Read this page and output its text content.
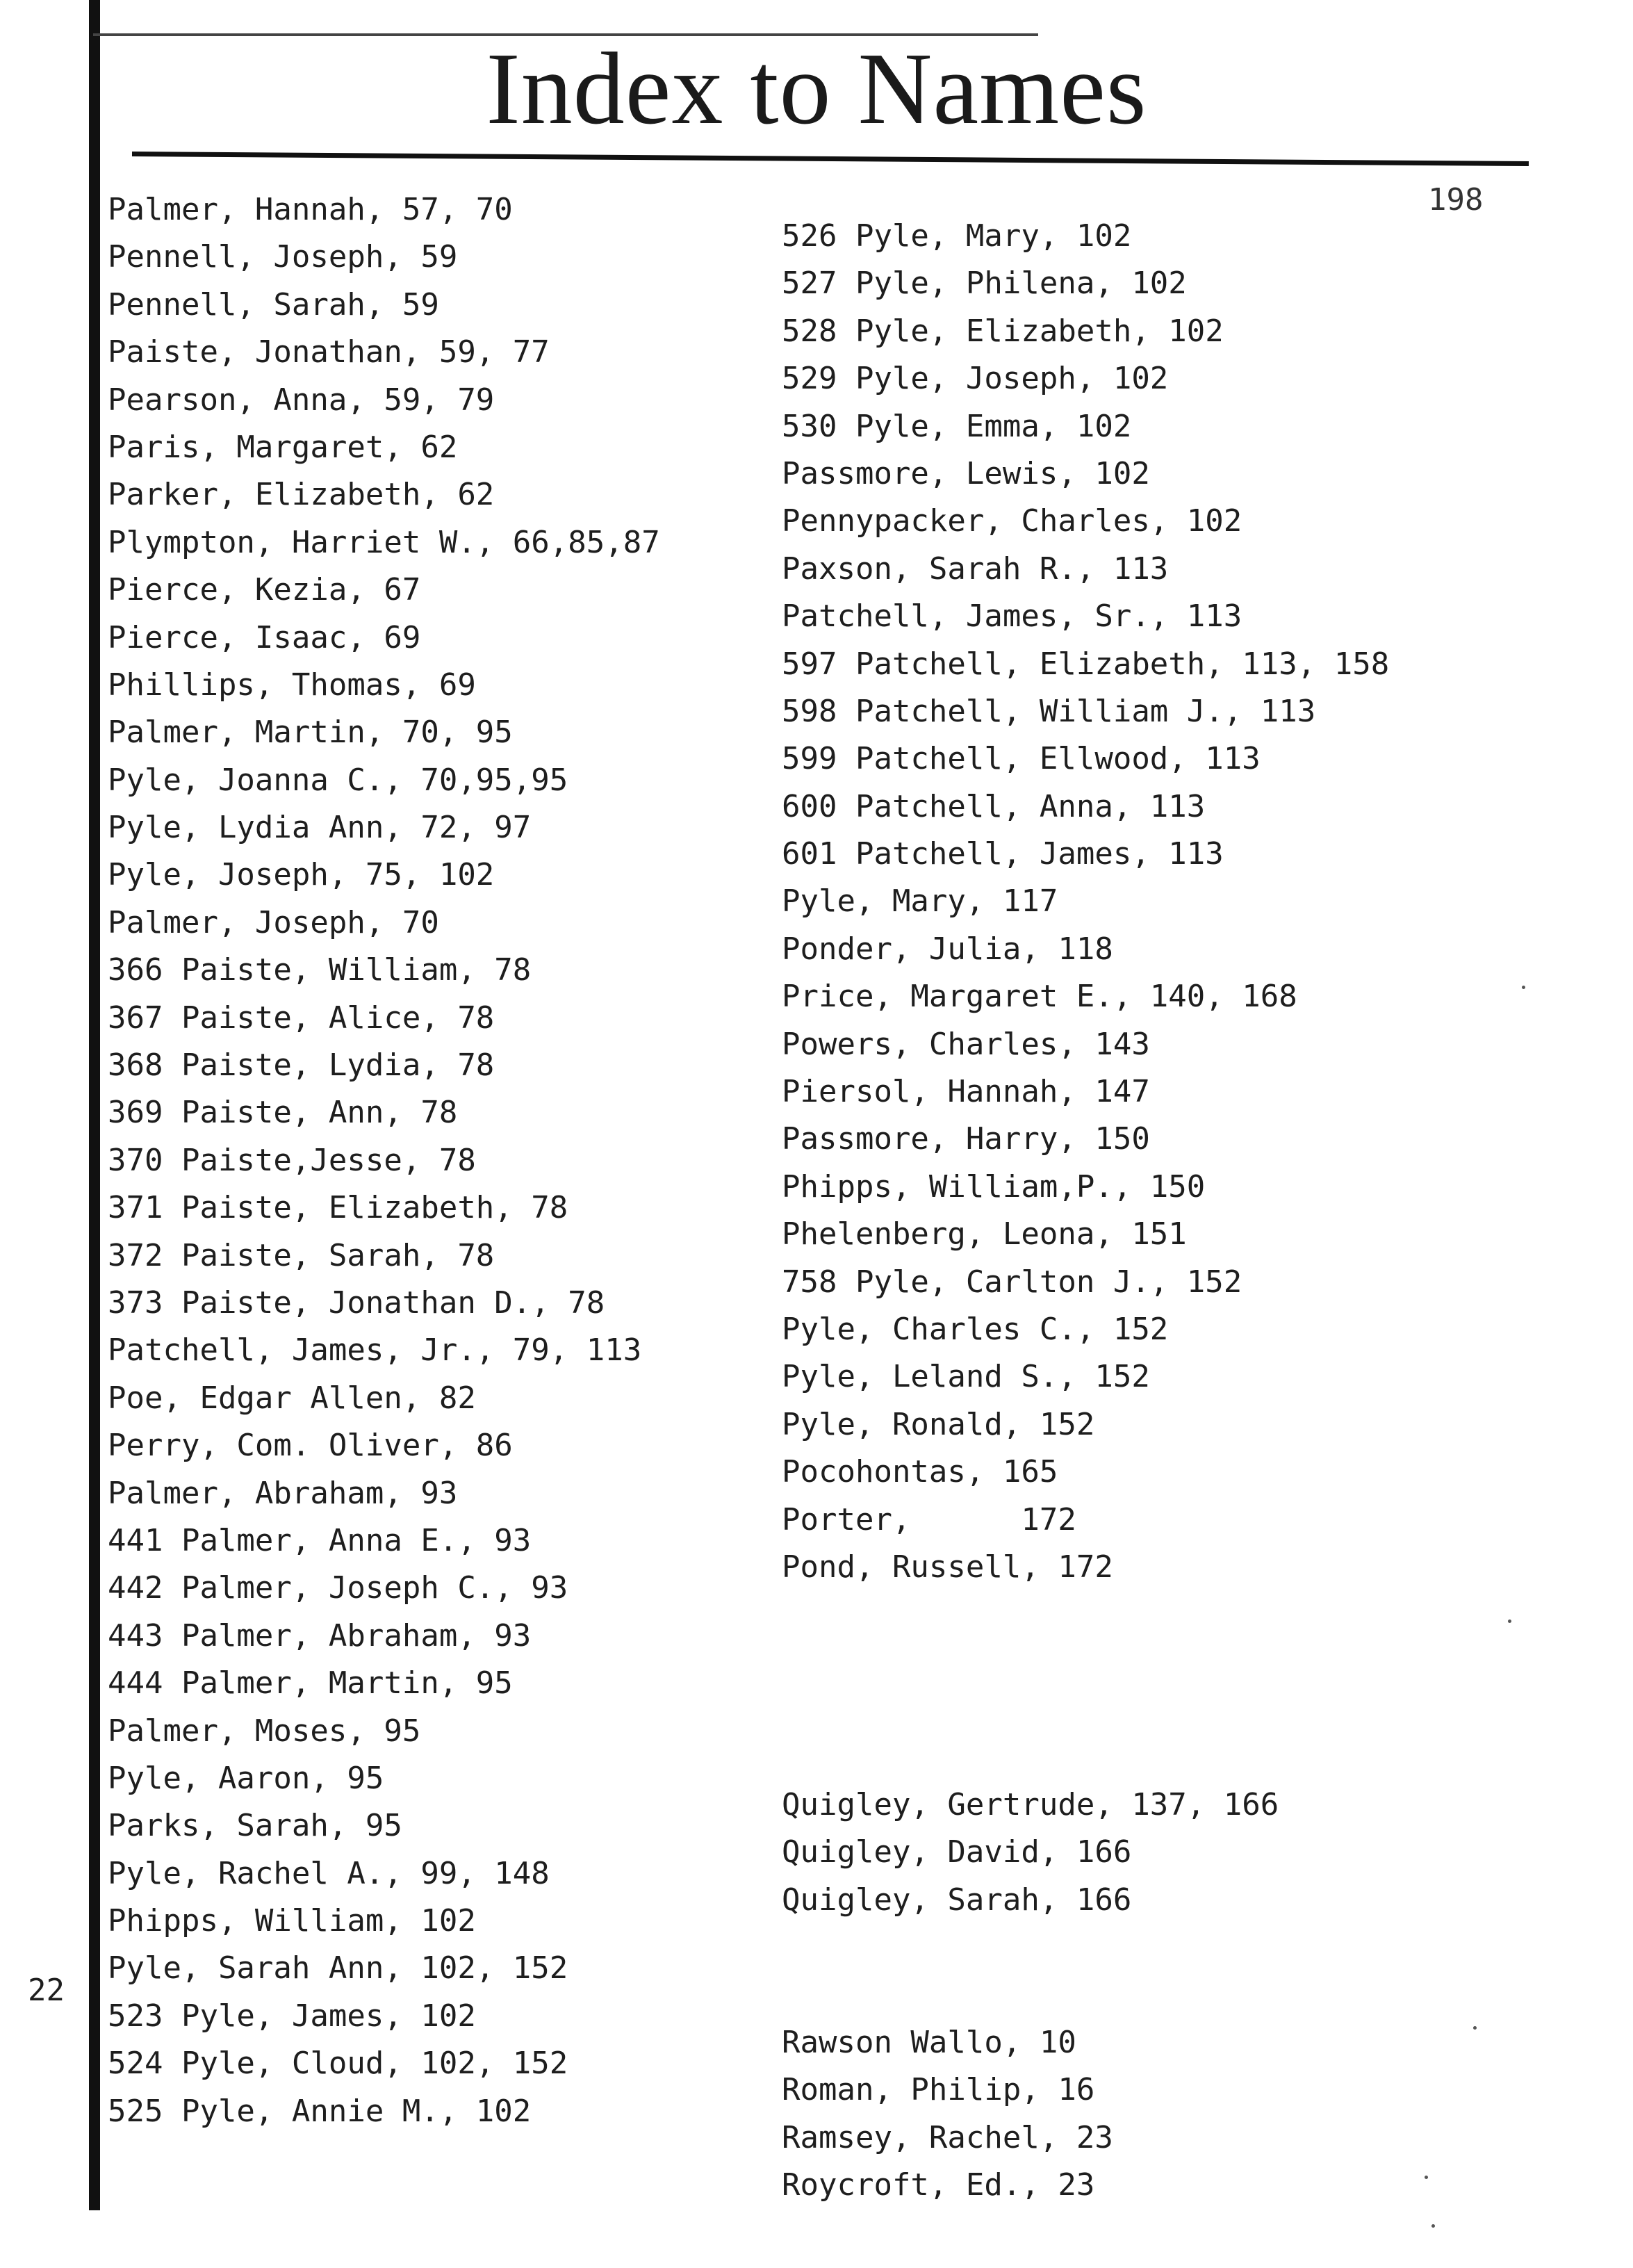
Index to Names
198
Palmer, Hannah, 57, 70
Pennell, Joseph, 59
Pennell, Sarah, 59
Paiste, Jonathan, 59, 77
Pearson, Anna, 59, 79
Paris, Margaret, 62
Parker, Elizabeth, 62
Plympton, Harriet W., 66,85,87
Pierce, Kezia, 67
Pierce, Isaac, 69
Phillips, Thomas, 69
Palmer, Martin, 70, 95
Pyle, Joanna C., 70,95,95
Pyle, Lydia Ann, 72, 97
Pyle, Joseph, 75, 102
Palmer, Joseph, 70
366 Paiste, William, 78
367 Paiste, Alice, 78
368 Paiste, Lydia, 78
369 Paiste, Ann, 78
370 Paiste,Jesse, 78
371 Paiste, Elizabeth, 78
372 Paiste, Sarah, 78
373 Paiste, Jonathan D., 78
Patchell, James, Jr., 79, 113
Poe, Edgar Allen, 82
Perry, Com. Oliver, 86
Palmer, Abraham, 93
441 Palmer, Anna E., 93
442 Palmer, Joseph C., 93
443 Palmer, Abraham, 93
444 Palmer, Martin, 95
Palmer, Moses, 95
Pyle, Aaron, 95
Parks, Sarah, 95
Pyle, Rachel A., 99, 148
Phipps, William, 102
Pyle, Sarah Ann, 102, 152
523 Pyle, James, 102
524 Pyle, Cloud, 102, 152
525 Pyle, Annie M., 102
526 Pyle, Mary, 102
527 Pyle, Philena, 102
528 Pyle, Elizabeth, 102
529 Pyle, Joseph, 102
530 Pyle, Emma, 102
Passmore, Lewis, 102
Pennypacker, Charles, 102
Paxson, Sarah R., 113
Patchell, James, Sr., 113
597 Patchell, Elizabeth, 113, 158
598 Patchell, William J., 113
599 Patchell, Ellwood, 113
600 Patchell, Anna, 113
601 Patchell, James, 113
Pyle, Mary, 117
Ponder, Julia, 118
Price, Margaret E., 140, 168
Powers, Charles, 143
Piersol, Hannah, 147
Passmore, Harry, 150
Phipps, William,P., 150
Phelenberg, Leona, 151
758 Pyle, Carlton J., 152
Pyle, Charles C., 152
Pyle, Leland S., 152
Pyle, Ronald, 152
Pocohontas, 165
Porter,      172
Pond, Russell, 172
Quigley, Gertrude, 137, 166
Quigley, David, 166
Quigley, Sarah, 166
Rawson Wallo, 10
Roman, Philip, 16
Ramsey, Rachel, 23
Roycroft, Ed., 23
22
